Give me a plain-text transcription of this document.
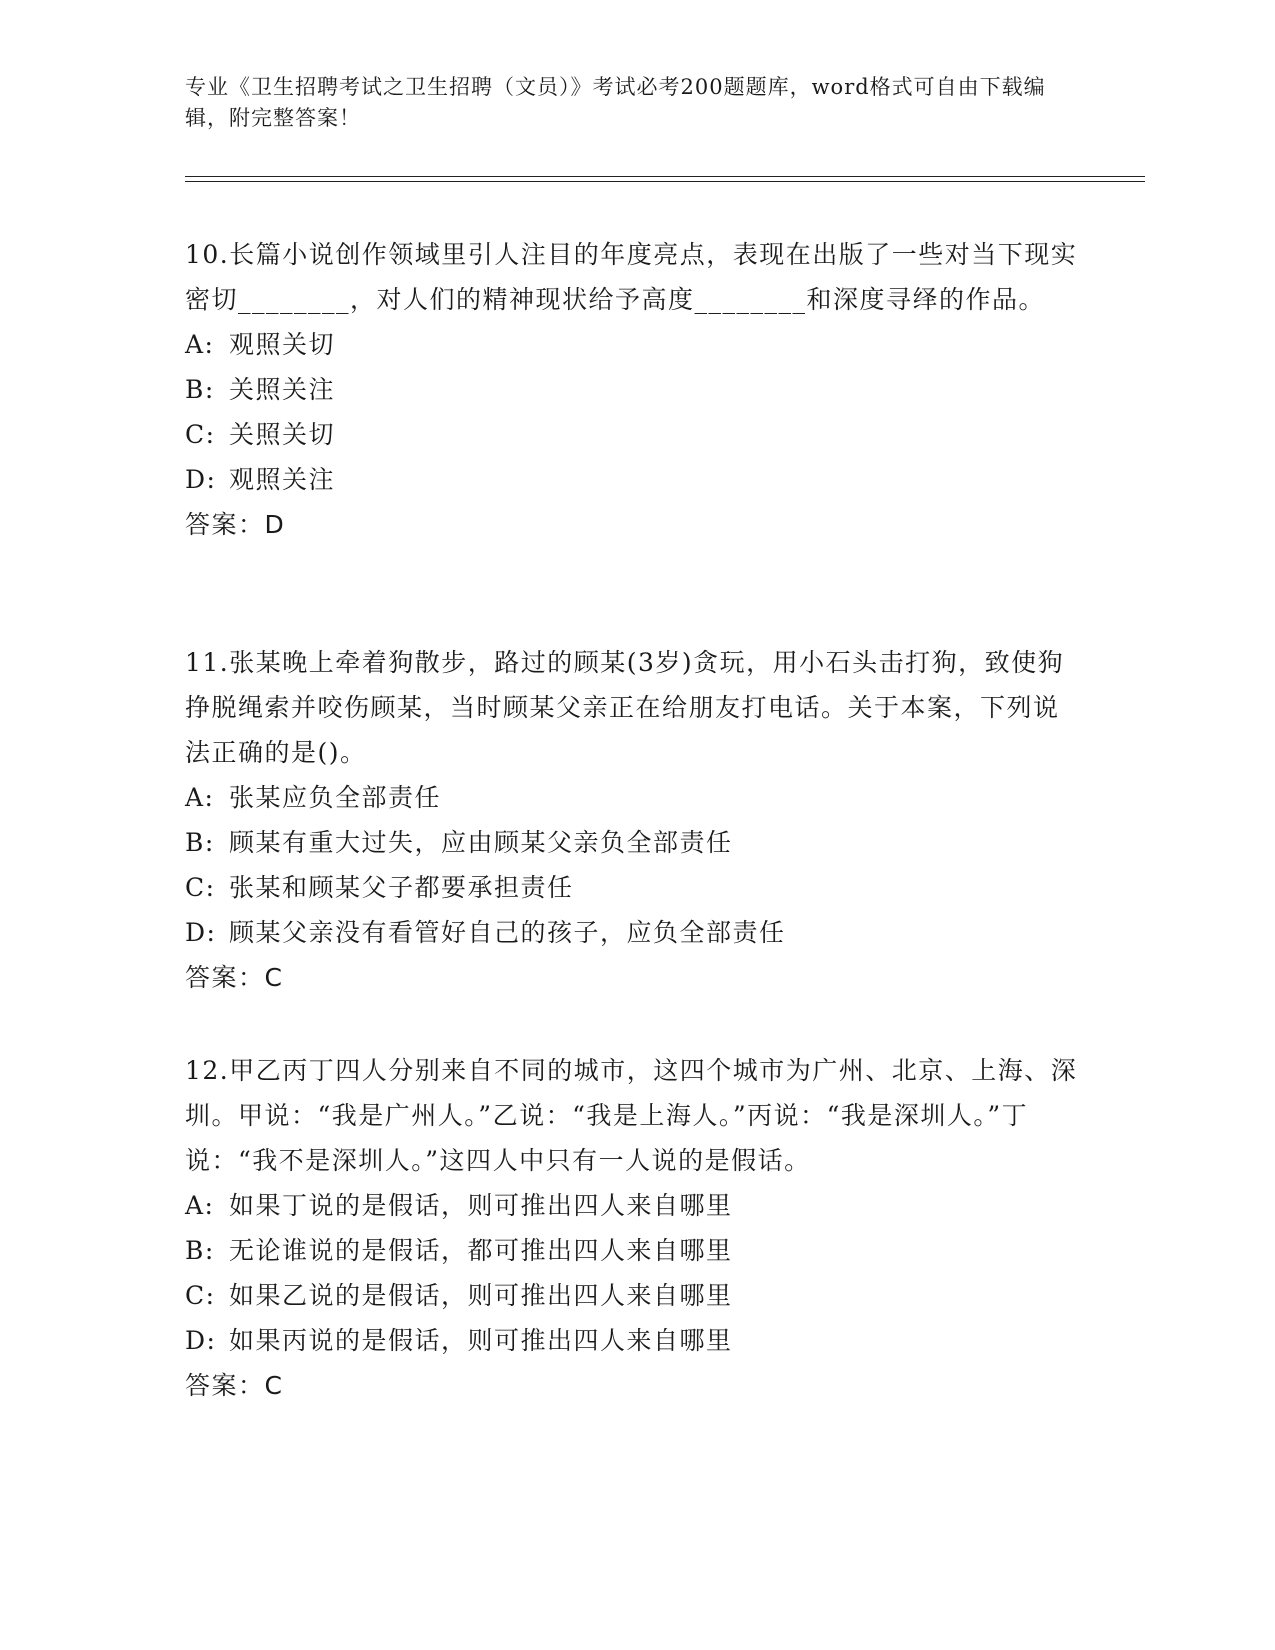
专业《卫生招聘考试之卫生招聘（文员）》考试必考200题题库，word格式可自由下载编辑，附完整答案！
10.长篇小说创作领域里引人注目的年度亮点，表现在出版了一些对当下现实密切________，对人们的精神现状给予高度________和深度寻绎的作品。
A: 观照关切
B: 关照关注
C: 关照关切
D: 观照关注
答案：D
11.张某晚上牵着狗散步，路过的顾某(3岁)贪玩，用小石头击打狗，致使狗挣脱绳索并咬伤顾某，当时顾某父亲正在给朋友打电话。关于本案，下列说法正确的是()。
A: 张某应负全部责任
B: 顾某有重大过失，应由顾某父亲负全部责任
C: 张某和顾某父子都要承担责任
D: 顾某父亲没有看管好自己的孩子，应负全部责任
答案：C
12.甲乙丙丁四人分别来自不同的城市，这四个城市为广州、北京、上海、深圳。甲说：“我是广州人。”乙说：“我是上海人。”丙说：“我是深圳人。”丁说：“我不是深圳人。”这四人中只有一人说的是假话。
A: 如果丁说的是假话，则可推出四人来自哪里
B: 无论谁说的是假话，都可推出四人来自哪里
C: 如果乙说的是假话，则可推出四人来自哪里
D: 如果丙说的是假话，则可推出四人来自哪里
答案：C
